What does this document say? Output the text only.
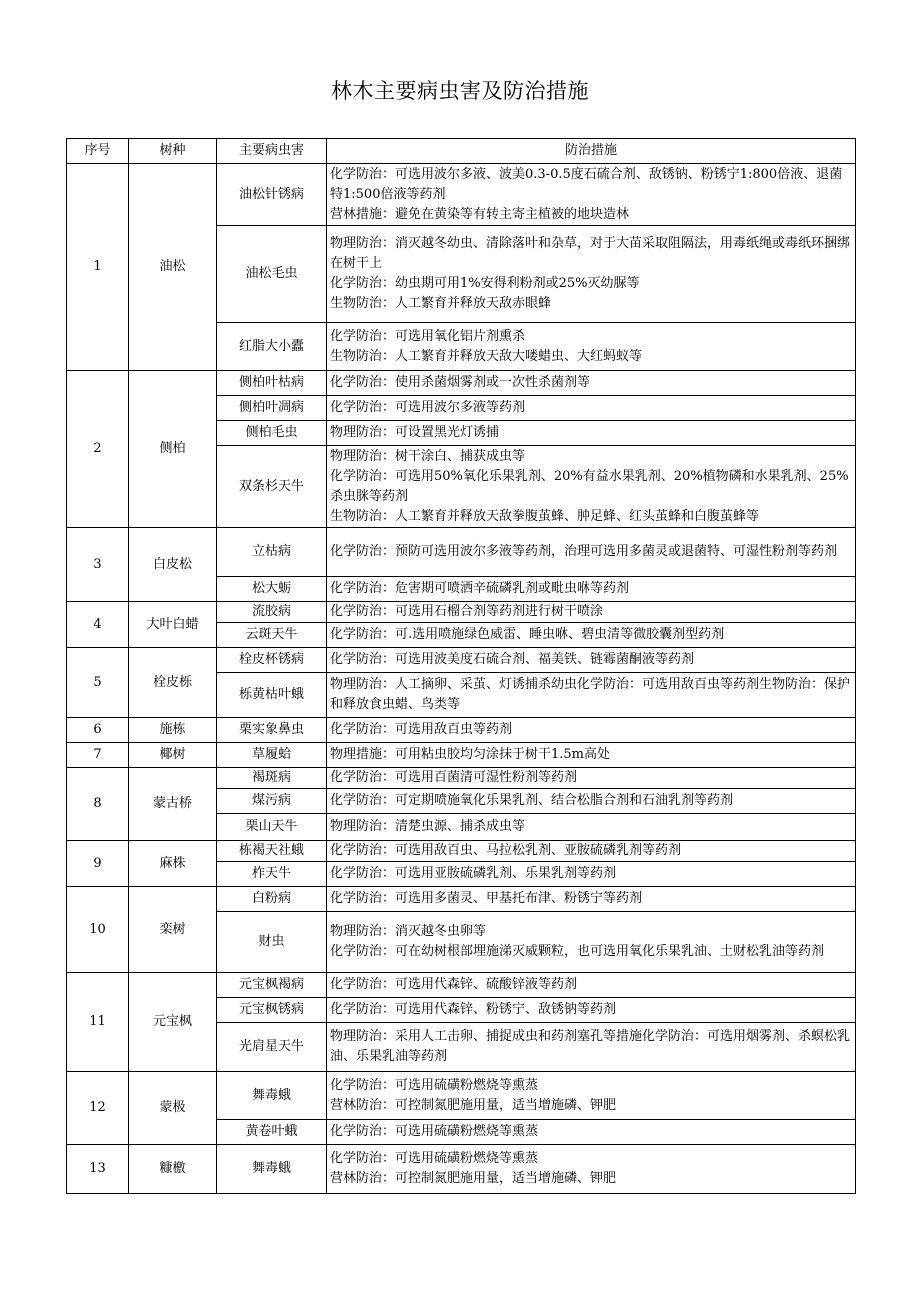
林木主要病虫害及防治措施
序号	树种	主要病虫害	防治措施
1	油松	油松针锈病	化学防治：可选用波尔多液、波美0.3-0.5度石硫合剂、敌锈钠、粉锈宁1:800倍液、退菌特1:500倍液等药剂
营林措施：避免在黄染等有转主寄主植被的地块造林

		油松毛虫	物理防治：消灭越冬幼虫、清除落叶和杂草，对于大苗采取阻隔法，用毒纸绳或毒纸环捆绑在树干上
化学防治：幼虫期可用1%安得利粉剂或25%灭幼脲等
生物防治：人工繁育并释放天敌赤眼蜂

		红脂大小蠹	化学防治：可选用氧化铝片剂熏杀
生物防治：人工繁育并释放天敌大喽蜡虫、大红蚂蚁等

2	侧柏	侧柏叶枯病	化学防治：使用杀菌烟雾剂或一次性杀菌剂等

		侧柏叶凋病	化学防治：可选用波尔多液等药剂

		侧柏毛虫	物理防治：可设置黑光灯诱捕

		双条杉天牛	物理防治：树干涂白、捕获成虫等
化学防治：可选用50%氧化乐果乳剂、20%有益水果乳剂、20%植物磷和水果乳剂、25%杀虫脒等药剂
生物防治：人工繁育并释放天敌拳腹茧蜂、肿足蜂、红头茧蜂和白腹茧蜂等

3	白皮松	立枯病	化学防治：预防可选用波尔多液等药剂，治理可选用多菌灵或退菌特、可湿性粉剂等药剂

		松大蛎	化学防治：危害期可喷洒辛硫磷乳剂或毗虫咻等药剂

4	大叶白蜡	流胶病	化学防治：可选用石榴合剂等药剂进行树干喷涂

		云斑天牛	化学防治：可.选用喷施绿色威雷、睡虫咻、碧虫清等微胶囊剂型药剂

5	栓皮栎	栓皮杯锈病	化学防治：可选用波美度石硫合剂、福美铁、链霉菌酮液等药剂

		栎黄枯叶蛾	物理防治：人工摘卵、采茧、灯诱捕杀幼虫化学防治：可选用敌百虫等药剂生物防治：保护和释放食虫蜡、鸟类等

6	施栋	栗实象鼻虫	化学防治：可选用敌百虫等药剂

7	椰树	草履蛤	物理措施：可用粘虫胶均匀涂抹于树干1.5m高处

8	蒙古桥	褐斑病	化学防治：可选用百菌清可湿性粉剂等药剂

		煤污病	化学防治：可定期喷施氧化乐果乳剂、结合松脂合剂和石油乳剂等药剂

		栗山天牛	物理防治：清楚虫源、捕杀成虫等

9	麻株	栋褐天社蛾	化学防治：可选用敌百虫、马拉松乳剂、亚胺硫磷乳剂等药剂

		柞天牛	化学防治：可选用亚胺硫磷乳剂、乐果乳剂等药剂

10	栾树	白粉病	化学防治：可选用多菌灵、甲基托布津、粉锈宁等药剂

		财虫	物理防治：消灭越冬虫卵等
化学防治：可在幼树根部埋施涕灭威颗粒，也可选用氧化乐果乳油、土财松乳油等药剂

11	元宝枫	元宝枫褐病	化学防治：可选用代森锌、硫酸锌液等药剂

		元宝枫锈病	化学防治：可选用代森锌、粉锈宁、敌锈钠等药剂

		光肩星天牛	物理防治：采用人工击卵、捕捉成虫和药剂塞孔等措施化学防治：可选用烟雾剂、杀螟松乳油、乐果乳油等药剂

12	蒙极	舞毒蛾	化学防治：可选用硫磺粉燃烧等熏蒸
营林防治：可控制氮肥施用量，适当增施磷、钾肥

		黄卷叶蛾	化学防治：可选用硫磺粉燃烧等熏蒸

13	糠檄	舞毒蛾	化学防治：可选用硫磺粉燃烧等熏蒸
营林防治：可控制氮肥施用量，适当增施磷、钾肥
